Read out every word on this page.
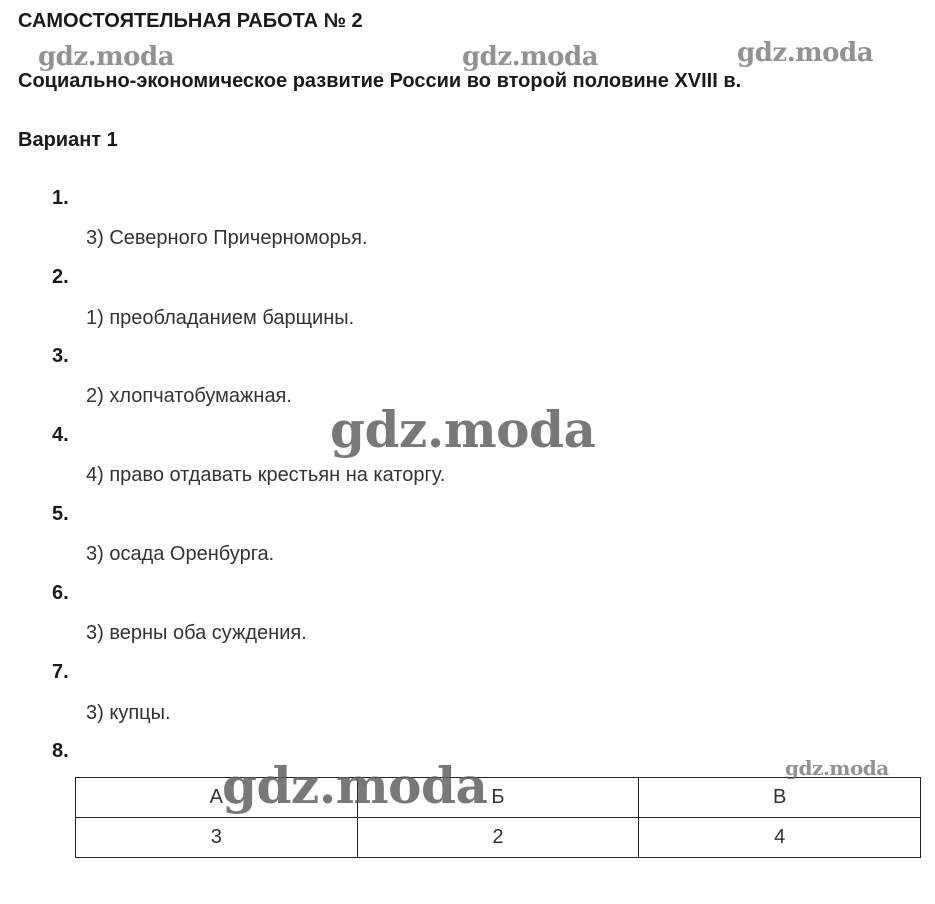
САМОСТОЯТЕЛЬНАЯ РАБОТА № 2
Социально-экономическое развитие России во второй половине XVIII в.
Вариант 1
1.
3) Северного Причерноморья.
2.
1) преобладанием барщины.
3.
2) хлопчатобумажная.
4.
4) право отдавать крестьян на каторгу.
5.
3) осада Оренбурга.
6.
3) верны оба суждения.
7.
3) купцы.
8.
А	Б	В
3	2	4
gdz.moda	gdz.moda	gdz.moda
gdz.moda
gdz.moda
gdz.moda
